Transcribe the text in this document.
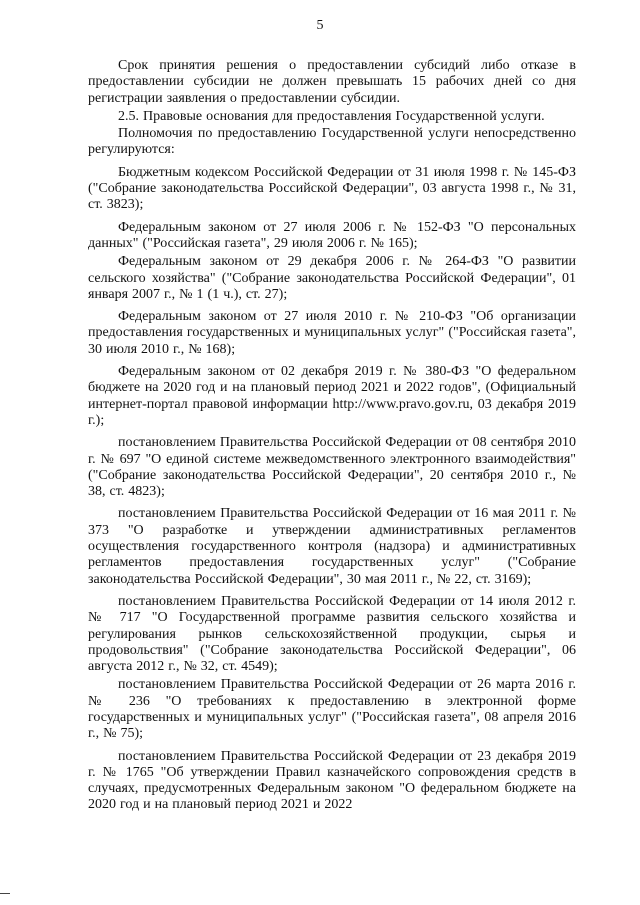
5

Срок принятия решения о предоставлении субсидий либо отказе в предоставлении субсидии не должен превышать 15 рабочих дней со дня регистрации заявления о предоставлении субсидии.

2.5. Правовые основания для предоставления Государственной услуги.

Полномочия по предоставлению Государственной услуги непосредственно регулируются:

Бюджетным кодексом Российской Федерации от 31 июля 1998 г. № 145-ФЗ ("Собрание законодательства Российской Федерации", 03 августа 1998 г., № 31, ст. 3823);

Федеральным законом от 27 июля 2006 г. № 152-ФЗ "О персональных данных" ("Российская газета", 29 июля 2006 г. № 165);

Федеральным законом от 29 декабря 2006 г. № 264-ФЗ "О развитии сельского хозяйства" ("Собрание законодательства Российской Федерации", 01 января 2007 г., № 1 (1 ч.), ст. 27);

Федеральным законом от 27 июля 2010 г. № 210-ФЗ "Об организации предоставления государственных и муниципальных услуг" ("Российская газета", 30 июля 2010 г., № 168);

Федеральным законом от 02 декабря 2019 г. № 380-ФЗ "О федеральном бюджете на 2020 год и на плановый период 2021 и 2022 годов", (Официальный интернет-портал правовой информации http://www.pravo.gov.ru, 03 декабря 2019 г.);

постановлением Правительства Российской Федерации от 08 сентября 2010 г. № 697 "О единой системе межведомственного электронного взаимодействия" ("Собрание законодательства Российской Федерации", 20 сентября 2010 г., № 38, ст. 4823);

постановлением Правительства Российской Федерации от 16 мая 2011 г. № 373 "О разработке и утверждении административных регламентов осуществления государственного контроля (надзора) и административных регламентов предоставления государственных услуг" ("Собрание законодательства Российской Федерации", 30 мая 2011 г., № 22, ст. 3169);

постановлением Правительства Российской Федерации от 14 июля 2012 г. № 717 "О Государственной программе развития сельского хозяйства и регулирования рынков сельскохозяйственной продукции, сырья и продовольствия" ("Собрание законодательства Российской Федерации", 06 августа 2012 г., № 32, ст. 4549);

постановлением Правительства Российской Федерации от 26 марта 2016 г. № 236 "О требованиях к предоставлению в электронной форме государственных и муниципальных услуг" ("Российская газета", 08 апреля 2016 г., № 75);

постановлением Правительства Российской Федерации от 23 декабря 2019 г. № 1765 "Об утверждении Правил казначейского сопровождения средств в случаях, предусмотренных Федеральным законом "О федеральном бюджете на 2020 год и на плановый период 2021 и 2022
